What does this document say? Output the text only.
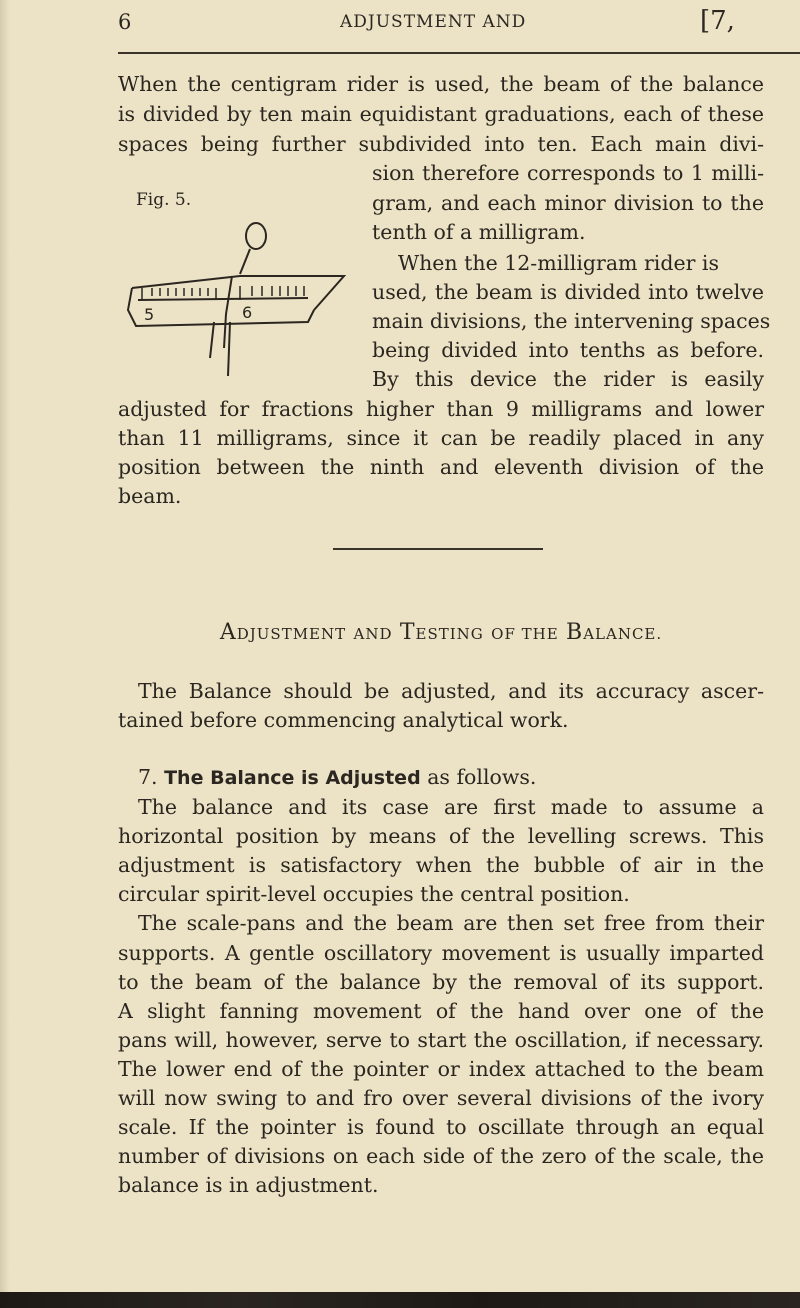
6	ADJUSTMENT AND	[7,
When the centigram rider is used, the beam of the balance
is divided by ten main equidistant graduations, each of these
spaces being further subdivided into ten. Each main divi-
sion therefore corresponds to 1 milli-
gram, and each minor division to the
tenth of a milligram.
Fig. 5.
5	6
When the 12-milligram rider is
used, the beam is divided into twelve
main divisions, the intervening spaces
being divided into tenths as before.
By this device the rider is easily
adjusted for fractions higher than 9 milligrams and lower
than 11 milligrams, since it can be readily placed in any
position between the ninth and eleventh division of the
beam.
ADJUSTMENT AND TESTING OF THE BALANCE.
The Balance should be adjusted, and its accuracy ascer-
tained before commencing analytical work.
7. The Balance is Adjusted as follows.
The balance and its case are first made to assume a
horizontal position by means of the levelling screws. This
adjustment is satisfactory when the bubble of air in the
circular spirit-level occupies the central position.
The scale-pans and the beam are then set free from their
supports. A gentle oscillatory movement is usually imparted
to the beam of the balance by the removal of its support.
A slight fanning movement of the hand over one of the
pans will, however, serve to start the oscillation, if necessary.
The lower end of the pointer or index attached to the beam
will now swing to and fro over several divisions of the ivory
scale. If the pointer is found to oscillate through an equal
number of divisions on each side of the zero of the scale, the
balance is in adjustment.
